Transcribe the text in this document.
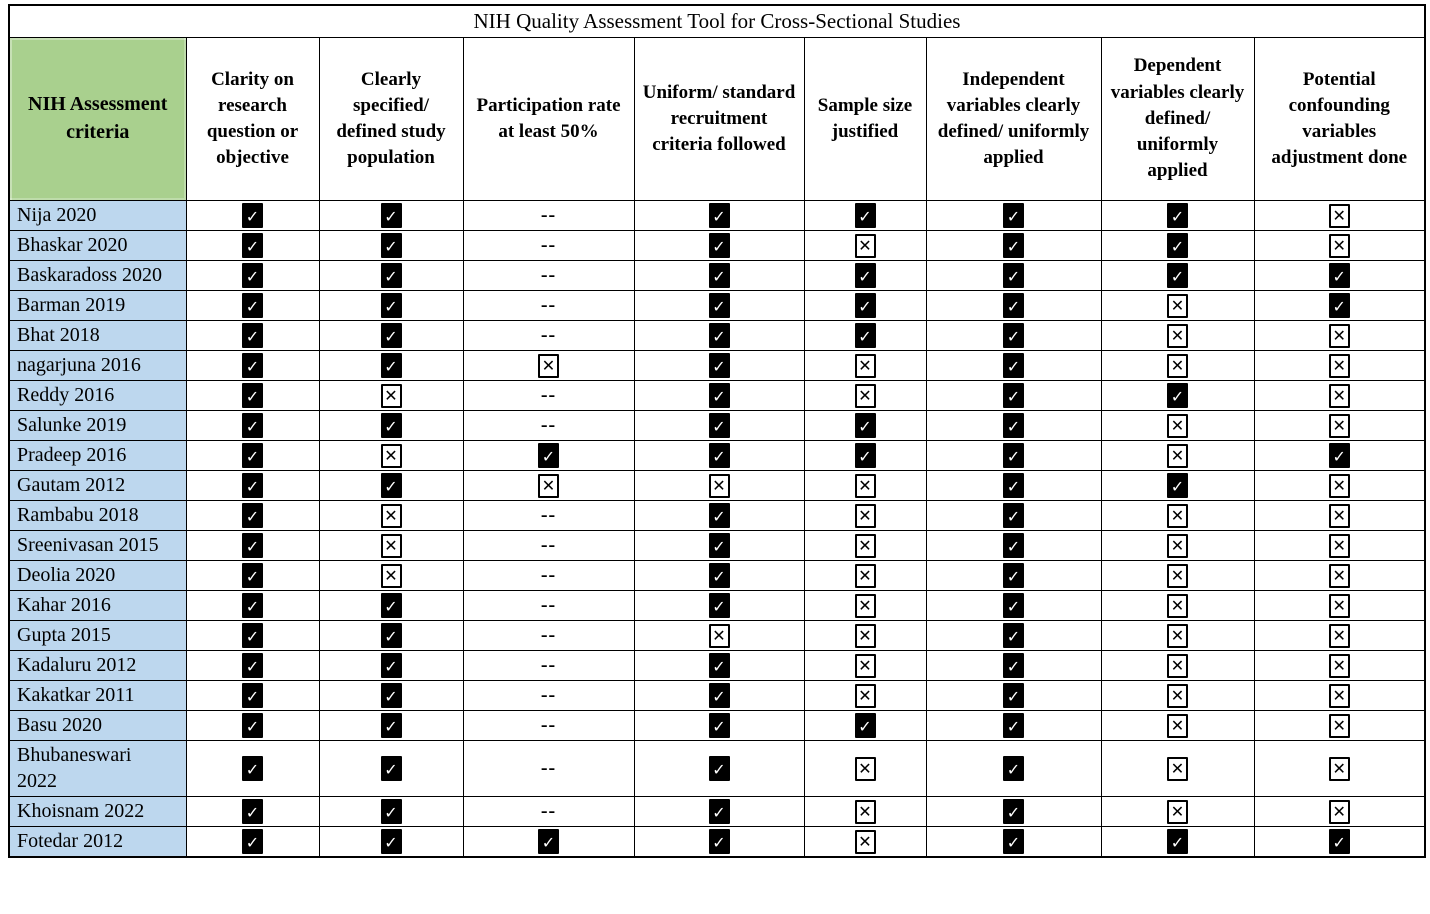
NIH Quality Assessment Tool for Cross-Sectional Studies								
NIH Assessment criteria	Clarity on research question or objective	Clearly specified/ defined study population	Participation rate at least 50%	Uniform/ standard recruitment criteria followed	Sample size justified	Independent variables clearly defined/ uniformly applied	Dependent variables clearly defined/ uniformly applied	Potential confounding variables adjustment done
Nija 2020	✓	✓	--	✓	✓	✓	✓	✕
Bhaskar 2020	✓	✓	--	✓	✕	✓	✓	✕
Baskaradoss 2020	✓	✓	--	✓	✓	✓	✓	✓
Barman 2019	✓	✓	--	✓	✓	✓	✕	✓
Bhat 2018	✓	✓	--	✓	✓	✓	✕	✕
nagarjuna 2016	✓	✓	✕	✓	✕	✓	✕	✕
Reddy 2016	✓	✕	--	✓	✕	✓	✓	✕
Salunke 2019	✓	✓	--	✓	✓	✓	✕	✕
Pradeep 2016	✓	✕	✓	✓	✓	✓	✕	✓
Gautam 2012	✓	✓	✕	✕	✕	✓	✓	✕
Rambabu 2018	✓	✕	--	✓	✕	✓	✕	✕
Sreenivasan 2015	✓	✕	--	✓	✕	✓	✕	✕
Deolia 2020	✓	✕	--	✓	✕	✓	✕	✕
Kahar 2016	✓	✓	--	✓	✕	✓	✕	✕
Gupta 2015	✓	✓	--	✕	✕	✓	✕	✕
Kadaluru 2012	✓	✓	--	✓	✕	✓	✕	✕
Kakatkar 2011	✓	✓	--	✓	✕	✓	✕	✕
Basu 2020	✓	✓	--	✓	✓	✓	✕	✕
Bhubaneswari 2022	✓	✓	--	✓	✕	✓	✕	✕
Khoisnam 2022	✓	✓	--	✓	✕	✓	✕	✕
Fotedar 2012	✓	✓	✓	✓	✕	✓	✓	✓
